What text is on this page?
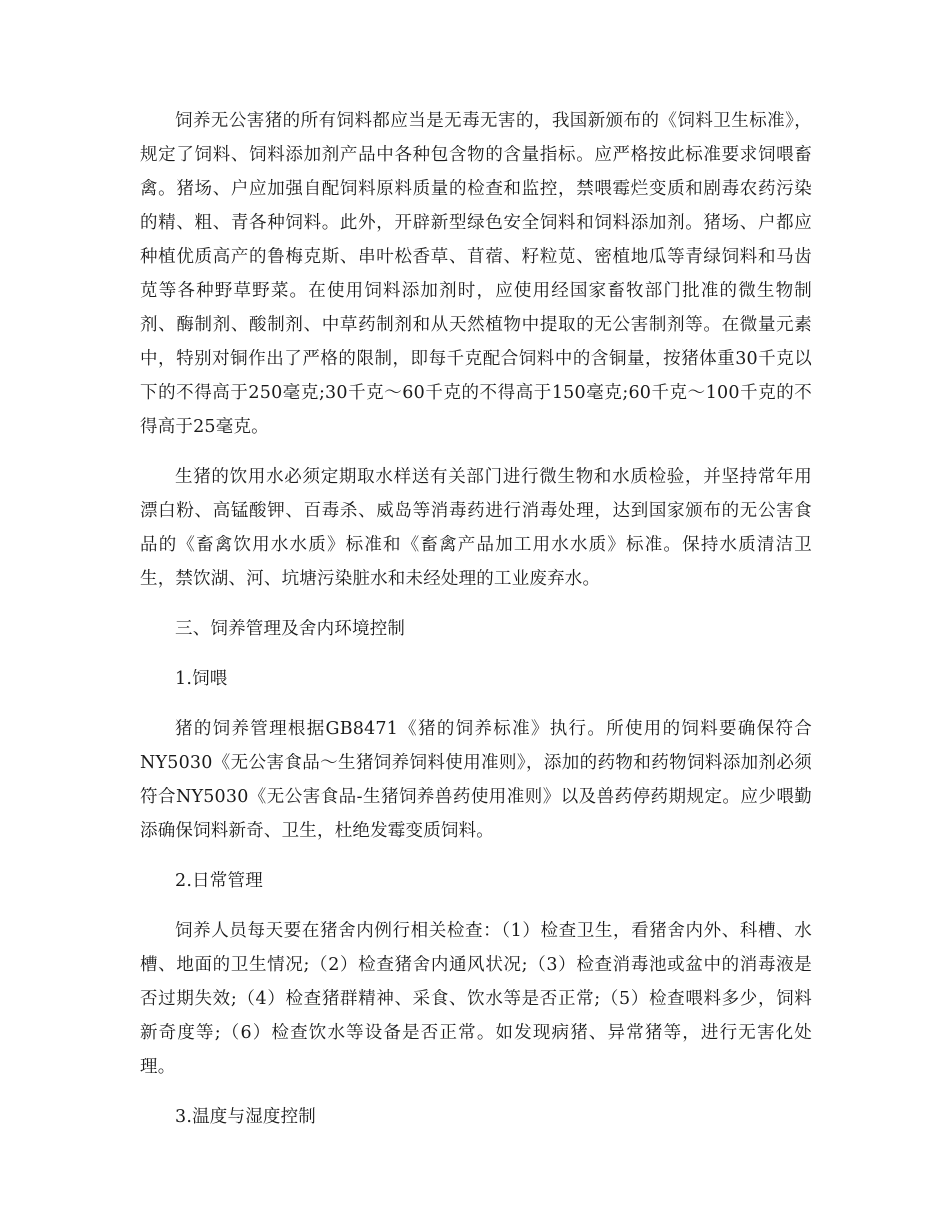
饲养无公害猪的所有饲料都应当是无毒无害的，我国新颁布的《饲料卫生标准》，规定了饲料、饲料添加剂产品中各种包含物的含量指标。应严格按此标准要求饲喂畜禽。猪场、户应加强自配饲料原料质量的检查和监控，禁喂霉烂变质和剧毒农药污染的精、粗、青各种饲料。此外，开辟新型绿色安全饲料和饲料添加剂。猪场、户都应种植优质高产的鲁梅克斯、串叶松香草、苜蓿、籽粒苋、密植地瓜等青绿饲料和马齿苋等各种野草野菜。在使用饲料添加剂时，应使用经国家畜牧部门批准的微生物制剂、酶制剂、酸制剂、中草药制剂和从天然植物中提取的无公害制剂等。在微量元素中，特别对铜作出了严格的限制，即每千克配合饲料中的含铜量，按猪体重30千克以下的不得高于250毫克;30千克～60千克的不得高于150毫克;60千克～100千克的不得高于25毫克。

生猪的饮用水必须定期取水样送有关部门进行微生物和水质检验，并坚持常年用漂白粉、高锰酸钾、百毒杀、威岛等消毒药进行消毒处理，达到国家颁布的无公害食品的《畜禽饮用水水质》标准和《畜禽产品加工用水水质》标准。保持水质清洁卫生，禁饮湖、河、坑塘污染脏水和未经处理的工业废弃水。

三、饲养管理及舍内环境控制

1.饲喂

猪的饲养管理根据GB8471《猪的饲养标准》执行。所使用的饲料要确保符合NY5030《无公害食品～生猪饲养饲料使用准则》，添加的药物和药物饲料添加剂必须符合NY5030《无公害食品-生猪饲养兽药使用准则》以及兽药停药期规定。应少喂勤添确保饲料新奇、卫生，杜绝发霉变质饲料。

2.日常管理

饲养人员每天要在猪舍内例行相关检查：（1）检查卫生，看猪舍内外、科槽、水槽、地面的卫生情况;（2）检查猪舍内通风状况;（3）检查消毒池或盆中的消毒液是否过期失效;（4）检查猪群精神、采食、饮水等是否正常;（5）检查喂料多少，饲料新奇度等;（6）检查饮水等设备是否正常。如发现病猪、异常猪等，进行无害化处理。

3.温度与湿度控制
